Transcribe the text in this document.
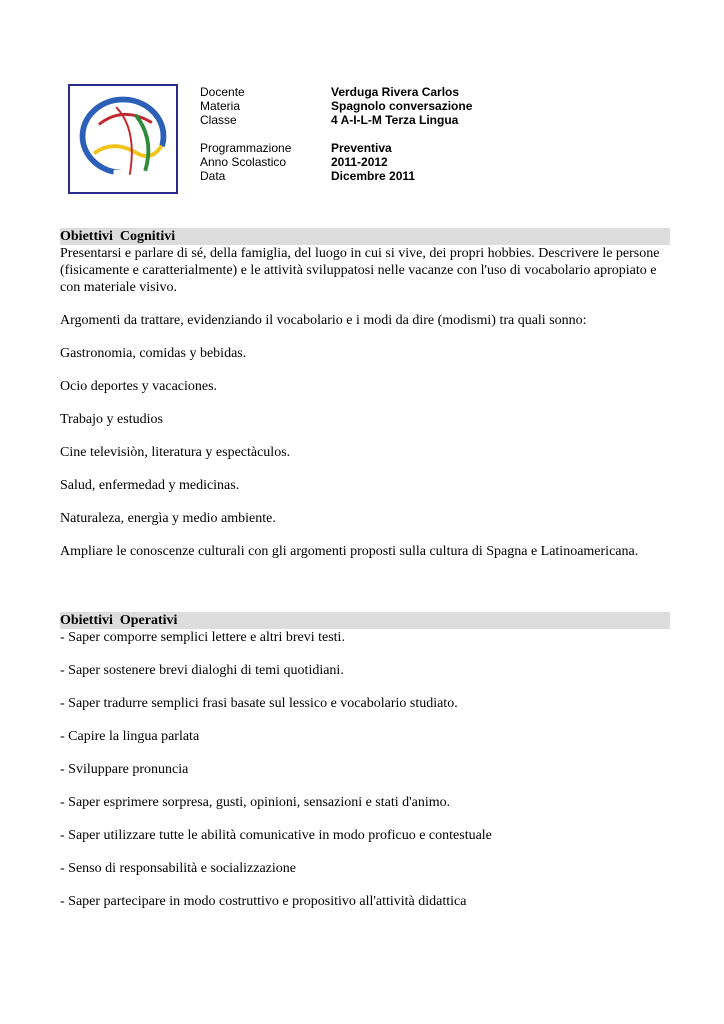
Docente	Verduga Rivera Carlos
Materia	Spagnolo conversazione
Classe	4 A-I-L-M Terza Lingua
Programmazione	Preventiva
Anno Scolastico	2011-2012
Data	Dicembre 2011
Obiettivi  Cognitivi

Presentarsi e parlare di sé, della famiglia, del luogo in cui si vive, dei propri hobbies. Descrivere le persone (fisicamente e caratterialmente) e le attività sviluppatosi nelle vacanze con l'uso di vocabolario apropiato e con materiale visivo.

Argomenti da trattare, evidenziando il vocabolario e i modi da dire (modismi) tra quali sonno:

Gastronomia, comidas y bebidas.

Ocio deportes y vacaciones.

Trabajo y estudios

Cine televisiòn, literatura y espectàculos.

Salud, enfermedad y medicinas.

Naturaleza, energìa y medio ambiente.

Ampliare le conoscenze culturali con gli argomenti proposti sulla cultura di Spagna e Latinoamericana.

Obiettivi  Operativi

- Saper comporre semplici lettere e altri brevi testi.

- Saper sostenere brevi dialoghi di temi quotidiani.

- Saper tradurre semplici frasi basate sul lessico e vocabolario studiato.

- Capire la lingua parlata

- Sviluppare pronuncia

- Saper esprimere sorpresa, gusti, opinioni, sensazioni e stati d'animo.

- Saper utilizzare tutte le abilità comunicative in modo proficuo e contestuale

- Senso di responsabilità e socializzazione

- Saper partecipare in modo costruttivo e propositivo all'attività didattica
